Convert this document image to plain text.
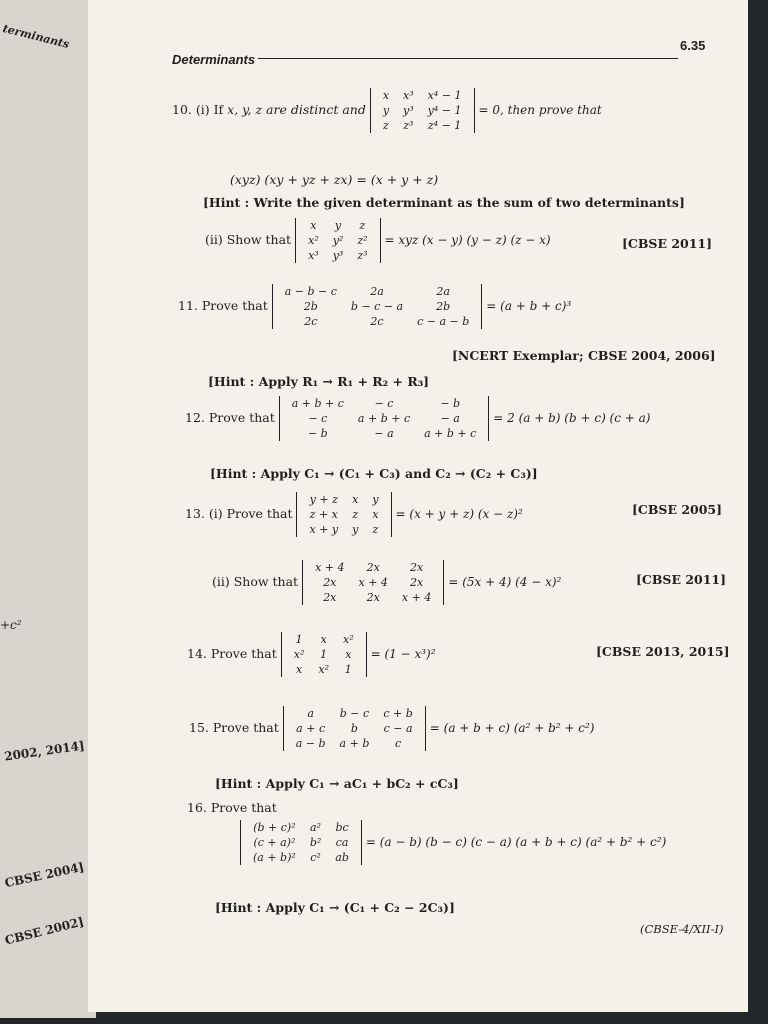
terminants
+c²
2002, 2014]
CBSE 2004]
CBSE 2002]
Determinants
6.35
10. (i) If x, y, z are distinct and
x	x³	x⁴ − 1
y	y³	y⁴ − 1
z	z³	z⁴ − 1
= 0, then prove that
(xyz) (xy + yz + zx) = (x + y + z)
[Hint : Write the given determinant as the sum of two determinants]
(ii) Show that
x	y	z
x²	y²	z²
x³	y³	z³
= xyz (x − y) (y − z) (z − x)	[CBSE 2011]
11. Prove that
a − b − c	2a	2a
2b	b − c − a	2b
2c	2c	c − a − b
= (a + b + c)³
[NCERT Exemplar; CBSE 2004, 2006]
[Hint : Apply R₁ → R₁ + R₂ + R₃]
12. Prove that
a + b + c	− c	− b
− c	a + b + c	− a
− b	− a	a + b + c
= 2 (a + b) (b + c) (c + a)
[Hint : Apply C₁ → (C₁ + C₃) and C₂ → (C₂ + C₃)]
13. (i) Prove that
y + z	x	y
z + x	z	x
x + y	y	z
= (x + y + z) (x − z)²	[CBSE 2005]
(ii) Show that
x + 4	2x	2x
2x	x + 4	2x
2x	2x	x + 4
= (5x + 4) (4 − x)²	[CBSE 2011]
14. Prove that
1	x	x²
x²	1	x
x	x²	1
= (1 − x³)²	[CBSE 2013, 2015]
15. Prove that
a	b − c	c + b
a + c	b	c − a
a − b	a + b	c
= (a + b + c) (a² + b² + c²)
[Hint : Apply C₁ → aC₁ + bC₂ + cC₃]
16. Prove that
(b + c)²	a²	bc
(c + a)²	b²	ca
(a + b)²	c²	ab
= (a − b) (b − c) (c − a) (a + b + c) (a² + b² + c²)
[Hint : Apply C₁ → (C₁ + C₂ − 2C₃)]
(CBSE-4/XII-I)
